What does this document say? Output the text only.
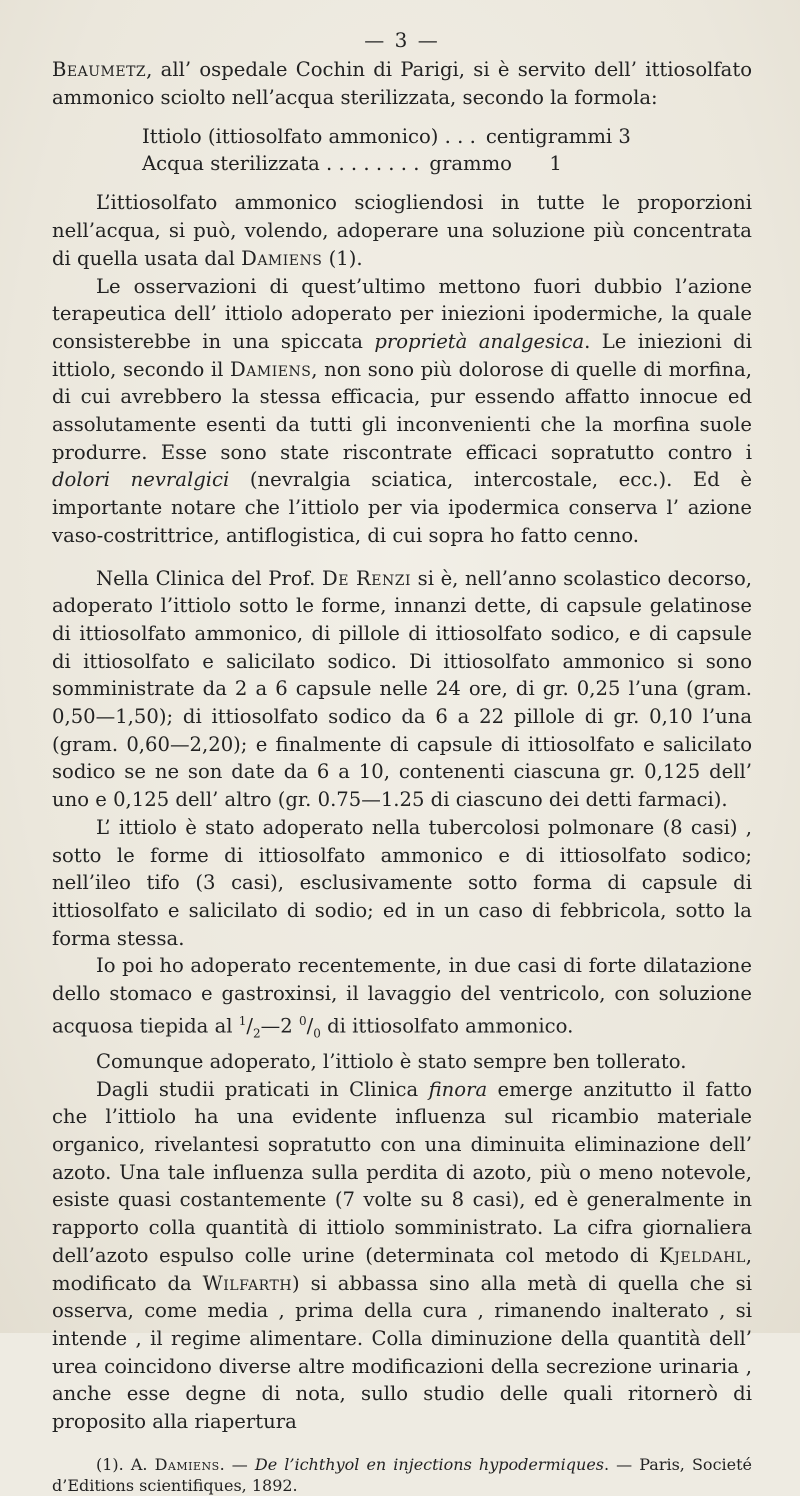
— 3 —

Beaumetz, all’ ospedale Cochin di Parigi, si è servito dell’ ittiosolfato ammonico sciolto nell’acqua sterilizzata, secondo la formola:

Ittiolo (ittiosolfato ammonico) . . . centigrammi 3
Acqua sterilizzata . . . . . . . . grammo      1

L’ittiosolfato ammonico sciogliendosi in tutte le proporzioni nell’acqua, si può, volendo, adoperare una soluzione più concentrata di quella usata dal Damiens (1).

Le osservazioni di quest’ultimo mettono fuori dubbio l’azione terapeutica dell’ ittiolo adoperato per iniezioni ipodermiche, la quale consisterebbe in una spiccata proprietà analgesica. Le iniezioni di ittiolo, secondo il Damiens, non sono più dolorose di quelle di morfina, di cui avrebbero la stessa efficacia, pur essendo affatto innocue ed assolutamente esenti da tutti gli inconvenienti che la morfina suole produrre. Esse sono state riscontrate efficaci sopratutto contro i dolori nevralgici (nevralgia sciatica, intercostale, ecc.). Ed è importante notare che l’ittiolo per via ipodermica conserva l’ azione vaso-costrittrice, antiflogistica, di cui sopra ho fatto cenno.

Nella Clinica del Prof. De Renzi si è, nell’anno scolastico decorso, adoperato l’ittiolo sotto le forme, innanzi dette, di capsule gelatinose di ittiosolfato ammonico, di pillole di ittiosolfato sodico, e di capsule di ittiosolfato e salicilato sodico. Di ittiosolfato ammonico si sono somministrate da 2 a 6 capsule nelle 24 ore, di gr. 0,25 l’una (gram. 0,50—1,50); di ittiosolfato sodico da 6 a 22 pillole di gr. 0,10 l’una (gram. 0,60—2,20); e finalmente di capsule di ittiosolfato e salicilato sodico se ne son date da 6 a 10, contenenti ciascuna gr. 0,125 dell’ uno e 0,125 dell’ altro (gr. 0.75—1.25 di ciascuno dei detti farmaci).

L’ ittiolo è stato adoperato nella tubercolosi polmonare (8 casi) , sotto le forme di ittiosolfato ammonico e di ittiosolfato sodico; nell’ileo tifo (3 casi), esclusivamente sotto forma di capsule di ittiosolfato e salicilato di sodio; ed in un caso di febbricola, sotto la forma stessa.

Io poi ho adoperato recentemente, in due casi di forte dilatazione dello stomaco e gastroxinsi, il lavaggio del ventricolo, con soluzione acquosa tiepida al $^1/_2—2$ $^0/_0$ di ittiosolfato ammonico.

Comunque adoperato, l’ittiolo è stato sempre ben tollerato.

Dagli studii praticati in Clinica finora emerge anzitutto il fatto che l’ittiolo ha una evidente influenza sul ricambio materiale organico, rivelantesi sopratutto con una diminuita eliminazione dell’ azoto. Una tale influenza sulla perdita di azoto, più o meno notevole, esiste quasi costantemente (7 volte su 8 casi), ed è generalmente in rapporto colla quantità di ittiolo somministrato. La cifra giornaliera dell’azoto espulso colle urine (determinata col metodo di Kjeldahl, modificato da Wilfarth) si abbassa sino alla metà di quella che si osserva, come media , prima della cura , rimanendo inalterato , si intende , il regime alimentare. Colla diminuzione della quantità dell’ urea coincidono diverse altre modificazioni della secrezione urinaria , anche esse degne di nota, sullo studio delle quali ritornerò di proposito alla riapertura

(1). A. Damiens. — De l’ichthyol en injections hypodermiques. — Paris, Societé d’Editions scientifiques, 1892.
